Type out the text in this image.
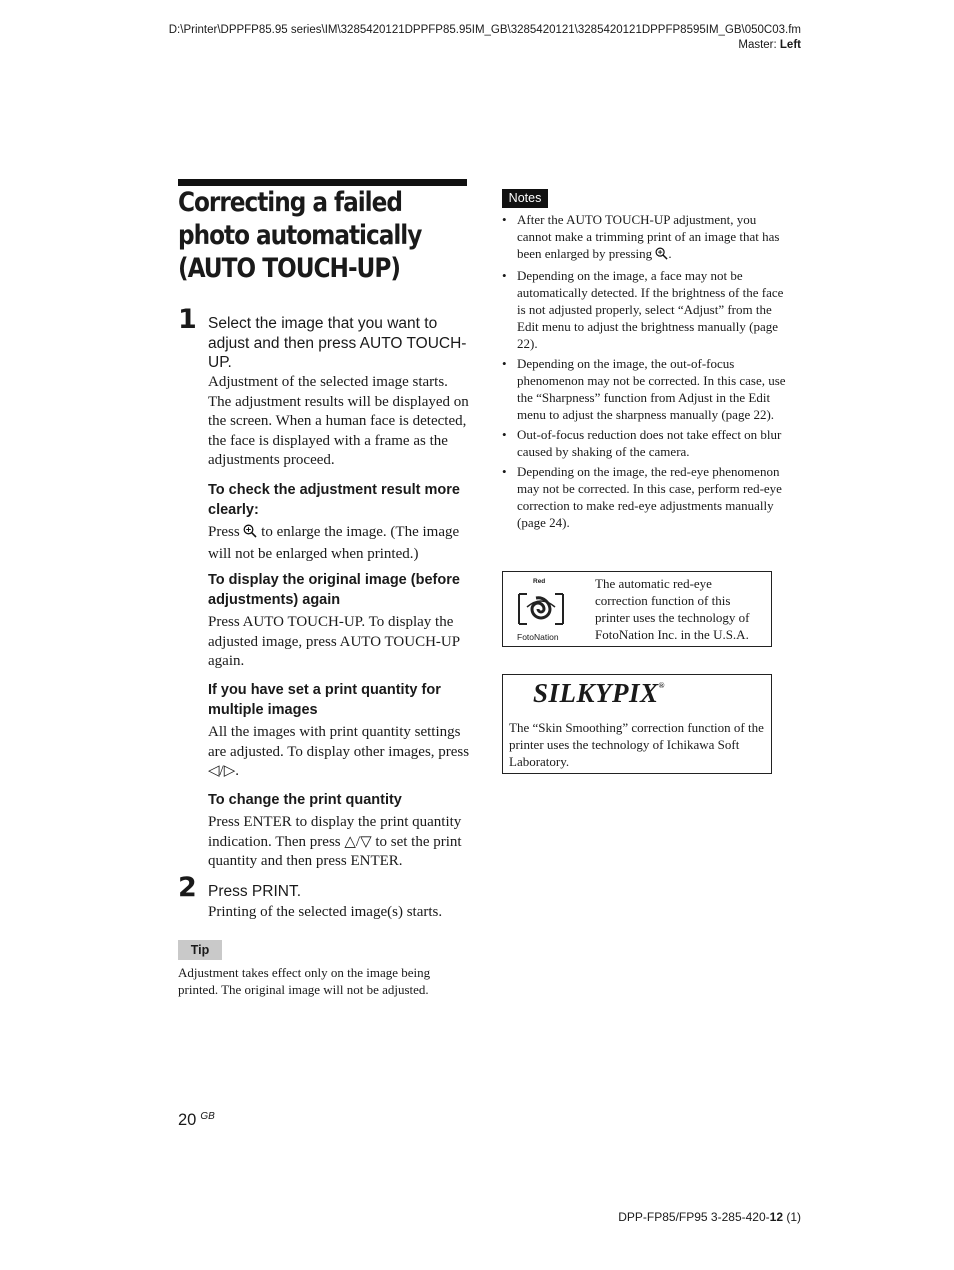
D:\Printer\DPPFP85.95 series\IM\3285420121DPPFP85.95IM_GB\3285420121\3285420121DPPFP8595IM_GB\050C03.fm
Master: Left
Correcting a failed
photo automatically
(AUTO TOUCH-UP)
1 Select the image that you want to adjust and then press AUTO TOUCH-UP.
Adjustment of the selected image starts. The adjustment results will be displayed on the screen. When a human face is detected, the face is displayed with a frame as the adjustments proceed.
To check the adjustment result more clearly:
Press  to enlarge the image. (The image will not be enlarged when printed.)
To display the original image (before adjustments) again
Press AUTO TOUCH-UP. To display the adjusted image, press AUTO TOUCH-UP again.
If you have set a print quantity for multiple images
All the images with print quantity settings are adjusted. To display other images, press ◁/▷.
To change the print quantity
Press ENTER to display the print quantity indication. Then press △/▽ to set the print quantity and then press ENTER.
2 Press PRINT.
Printing of the selected image(s) starts.
Tip
Adjustment takes effect only on the image being printed. The original image will not be adjusted.
Notes
• After the AUTO TOUCH-UP adjustment, you cannot make a trimming print of an image that has been enlarged by pressing .
• Depending on the image, a face may not be automatically detected. If the brightness of the face is not adjusted properly, select “Adjust” from the Edit menu to adjust the brightness manually (page 22).
• Depending on the image, the out-of-focus phenomenon may not be corrected. In this case, use the “Sharpness” function from Adjust in the Edit menu to adjust the sharpness manually (page 22).
• Out-of-focus reduction does not take effect on blur caused by shaking of the camera.
• Depending on the image, the red-eye phenomenon may not be corrected. In this case, perform red-eye correction to make red-eye adjustments manually (page 24).
Red
FotoNation
The automatic red-eye correction function of this printer uses the technology of FotoNation Inc. in the U.S.A.
SILKYPIX®
The “Skin Smoothing” correction function of the printer uses the technology of Ichikawa Soft Laboratory.
20 $^{GB}$
DPP-FP85/FP95 3-285-420-12 (1)
